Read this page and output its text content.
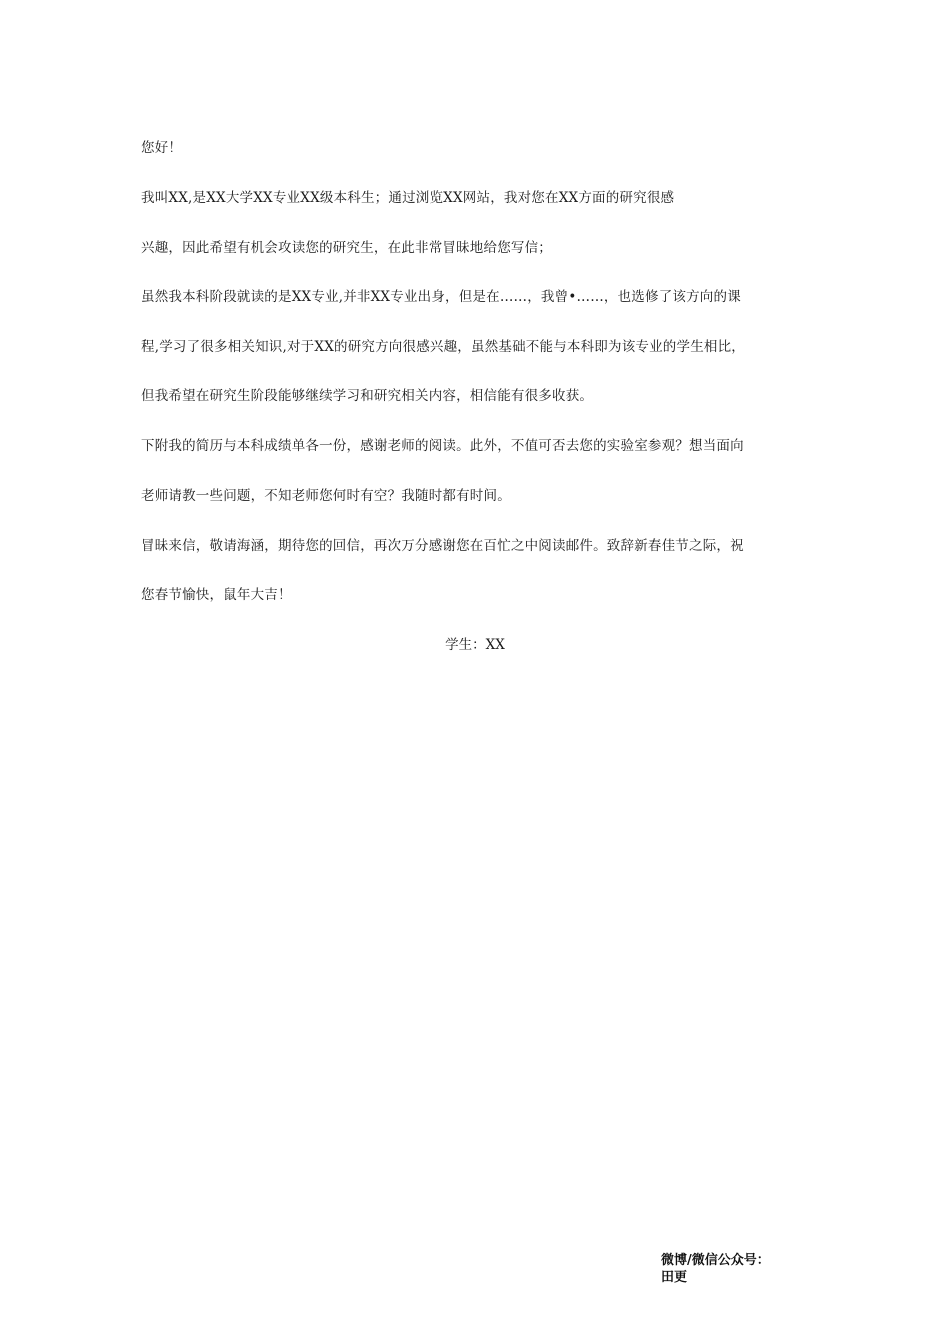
您好！
我叫XX,是XX大学XX专业XX级本科生；通过浏览XX网站，我对您在XX方面的研究很感
兴趣，因此希望有机会攻读您的研究生，在此非常冒昧地给您写信；
虽然我本科阶段就读的是XX专业,并非XX专业出身，但是在……，我曾•……，也选修了该方向的课
程,学习了很多相关知识,对于XX的研究方向很感兴趣，虽然基础不能与本科即为该专业的学生相比，
但我希望在研究生阶段能够继续学习和研究相关内容，相信能有很多收获。
下附我的简历与本科成绩单各一份，感谢老师的阅读。此外，不值可否去您的实验室参观？想当面向
老师请教一些问题，不知老师您何时有空？我随时都有时间。
冒昧来信，敬请海涵，期待您的回信，再次万分感谢您在百忙之中阅读邮件。致辞新春佳节之际，祝
您春节愉快，鼠年大吉！
学生：XX
微博/微信公众号：
田更
